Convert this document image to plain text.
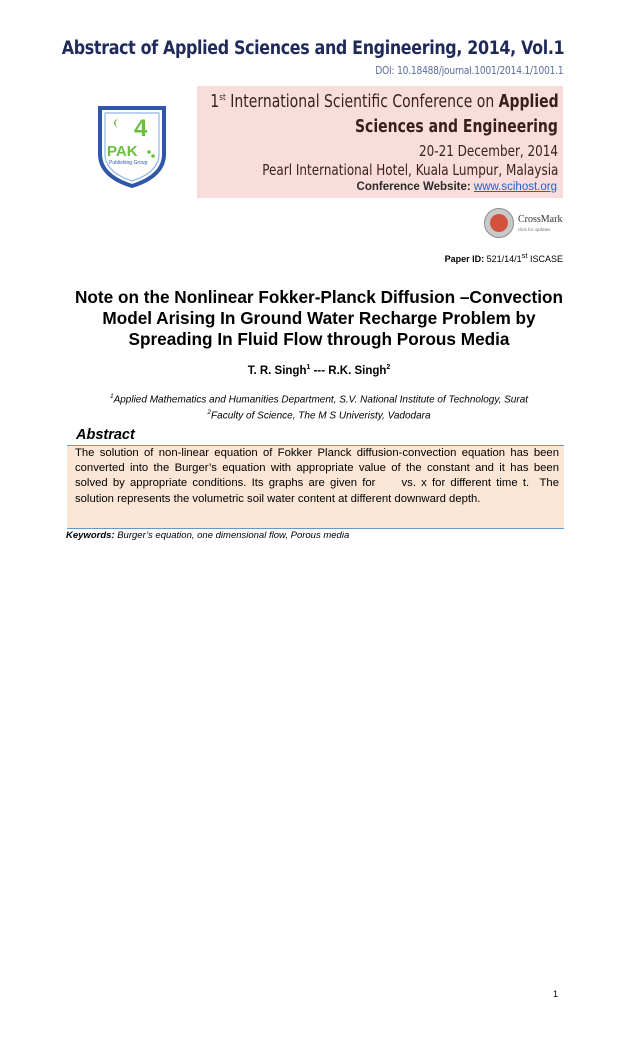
Abstract of Applied Sciences and Engineering, 2014, Vol.1
DOI: 10.18488/journal.1001/2014.1/1001.1
1st International Scientific Conference on Applied
Sciences and Engineering
20-21 December, 2014
Pearl International Hotel, Kuala Lumpur, Malaysia
Conference Website: www.scihost.org
4
PAK
Publishing Group
CrossMark
click for updates
Paper ID: 521/14/1st ISCASE
Note on the Nonlinear Fokker-Planck Diffusion –Convection Model Arising In Ground Water Recharge Problem by Spreading In Fluid Flow through Porous Media
T. R. Singh$^1$ --- R.K. Singh$^2$
$^1$Applied Mathematics and Humanities Department, S.V. National Institute of Technology, Surat
$^2$Faculty of Science, The M S Univeristy, Vadodara
Abstract
The solution of non-linear equation of Fokker Planck diffusion-convection equation has been converted into the Burger’s equation with appropriate value of the constant and it has been solved by appropriate conditions. Its graphs are given for     vs. x for different time t.  The solution represents the volumetric soil water content at different downward depth.
Keywords: Burger’s equation, one dimensional flow, Porous media
1
